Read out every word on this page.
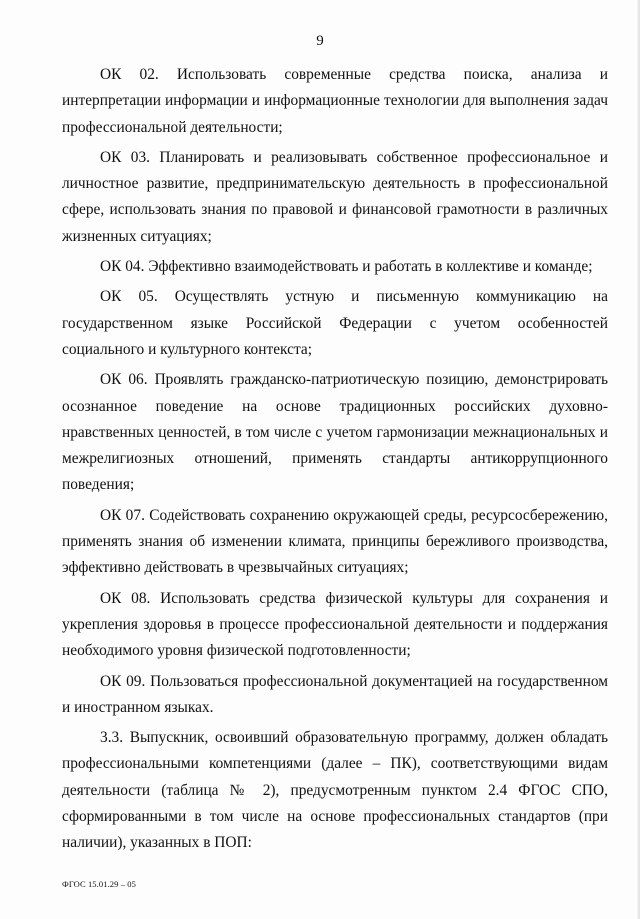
9

ОК 02. Использовать современные средства поиска, анализа и интерпретации информации и информационные технологии для выполнения задач профессиональной деятельности;

ОК 03. Планировать и реализовывать собственное профессиональное и личностное развитие, предпринимательскую деятельность в профессиональной сфере, использовать знания по правовой и финансовой грамотности в различных жизненных ситуациях;

ОК 04. Эффективно взаимодействовать и работать в коллективе и команде;

ОК 05. Осуществлять устную и письменную коммуникацию на государственном языке Российской Федерации с учетом особенностей социального и культурного контекста;

ОК 06. Проявлять гражданско-патриотическую позицию, демонстрировать осознанное поведение на основе традиционных российских духовно-нравственных ценностей, в том числе с учетом гармонизации межнациональных и межрелигиозных отношений, применять стандарты антикоррупционного поведения;

ОК 07. Содействовать сохранению окружающей среды, ресурсосбережению, применять знания об изменении климата, принципы бережливого производства, эффективно действовать в чрезвычайных ситуациях;

ОК 08. Использовать средства физической культуры для сохранения и укрепления здоровья в процессе профессиональной деятельности и поддержания необходимого уровня физической подготовленности;

ОК 09. Пользоваться профессиональной документацией на государственном и иностранном языках.

3.3. Выпускник, освоивший образовательную программу, должен обладать профессиональными компетенциями (далее – ПК), соответствующими видам деятельности (таблица № 2), предусмотренным пунктом 2.4 ФГОС СПО, сформированными в том числе на основе профессиональных стандартов (при наличии), указанных в ПОП:

ФГОС 15.01.29 – 05
